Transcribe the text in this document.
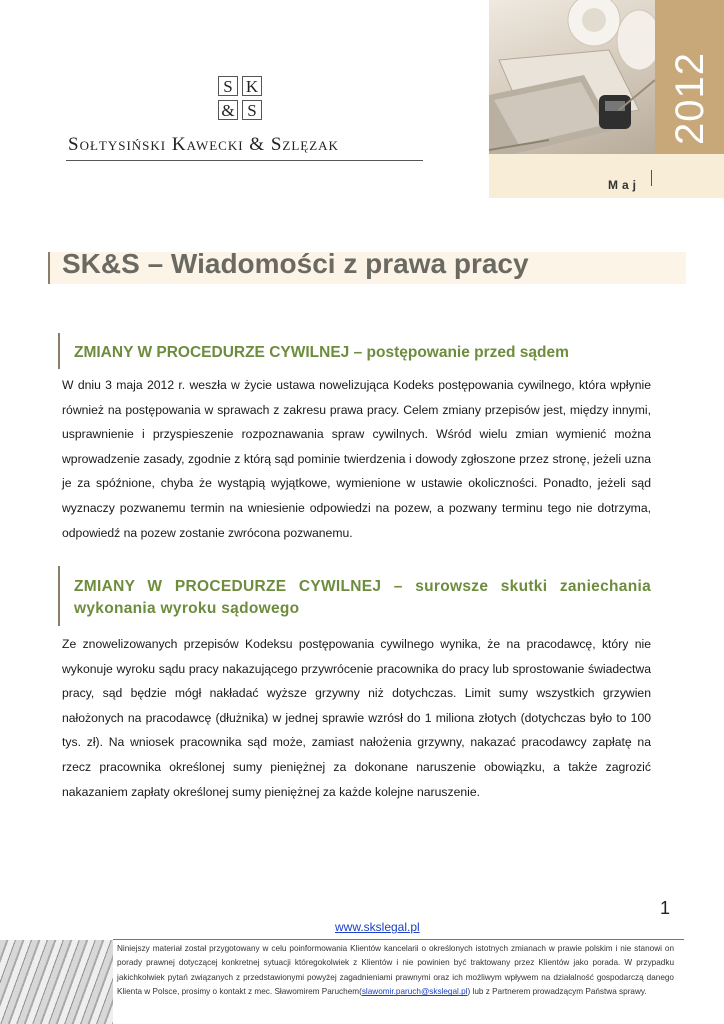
S K
& S
Sołtysiński Kawecki & Szlęzak	2012
Maj
SK&S – Wiadomości z prawa pracy
ZMIANY W PROCEDURZE CYWILNEJ – postępowanie przed sądem

W dniu 3 maja 2012 r. weszła w życie ustawa nowelizująca Kodeks postępowania cywilnego, która wpłynie również na postępowania w sprawach z zakresu prawa pracy. Celem zmiany przepisów jest, między innymi, usprawnienie i przyspieszenie rozpoznawania spraw cywilnych. Wśród wielu zmian wymienić można wprowadzenie zasady, zgodnie z którą sąd pominie twierdzenia i dowody zgłoszone przez stronę, jeżeli uzna je za spóźnione, chyba że wystąpią wyjątkowe, wymienione w ustawie okoliczności. Ponadto, jeżeli sąd wyznaczy pozwanemu termin na wniesienie odpowiedzi na pozew, a pozwany terminu tego nie dotrzyma, odpowiedź na pozew zostanie zwrócona pozwanemu.

ZMIANY W PROCEDURZE CYWILNEJ – surowsze skutki zaniechania wykonania wyroku sądowego

Ze znowelizowanych przepisów Kodeksu postępowania cywilnego wynika, że na pracodawcę, który nie wykonuje wyroku sądu pracy nakazującego przywrócenie pracownika do pracy lub sprostowanie świadectwa pracy, sąd będzie mógł nakładać wyższe grzywny niż dotychczas. Limit sumy wszystkich grzywien nałożonych na pracodawcę (dłużnika) w jednej sprawie wzrósł do 1 miliona złotych (dotychczas było to 100 tys. zł). Na wniosek pracownika sąd może, zamiast nałożenia grzywny, nakazać pracodawcy zapłatę na rzecz pracownika określonej sumy pieniężnej za dokonane naruszenie obowiązku, a także zagrozić nakazaniem zapłaty określonej sumy pieniężnej za każde kolejne naruszenie.

1
www.skslegal.pl

Niniejszy materiał został przygotowany w celu poinformowania Klientów kancelarii o określonych istotnych zmianach w prawie polskim i nie stanowi on porady prawnej dotyczącej konkretnej sytuacji któregokolwiek z Klientów i nie powinien być traktowany przez Klientów jako porada. W przypadku jakichkolwiek pytań związanych z przedstawionymi powyżej zagadnieniami prawnymi oraz ich możliwym wpływem na działalność gospodarczą danego Klienta w Polsce, prosimy o kontakt z mec. Sławomirem Paruchem(slawomir.paruch@skslegal.pl) lub z Partnerem prowadzącym Państwa sprawy.
